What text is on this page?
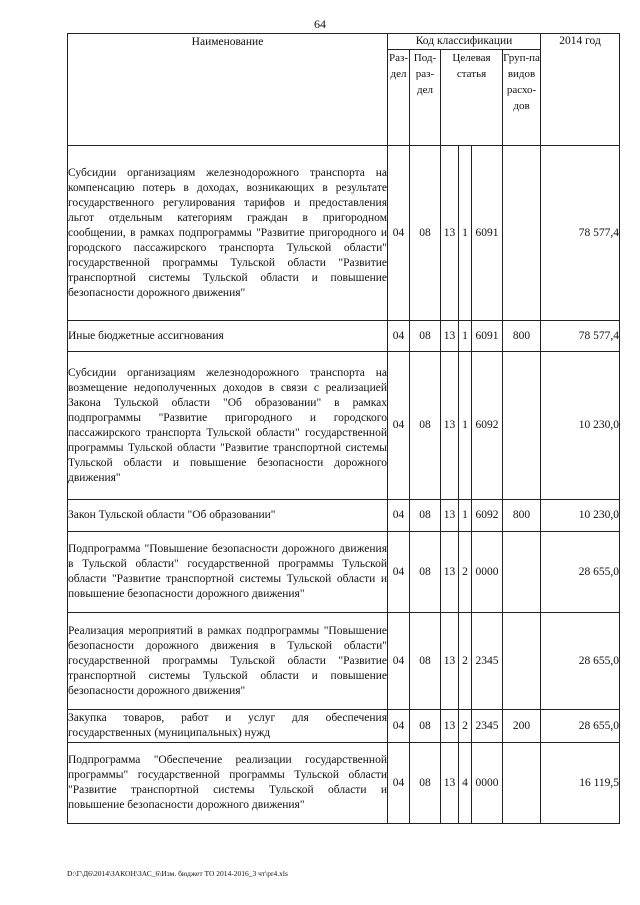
64
Наименование	Код классификации						2014 год
	Раз-дел	Под-раз-дел	Целевая статья			Груп-па видов расхо-дов	
Субсидии организациям железнодорожного транспорта на компенсацию потерь в доходах, возникающих в результате государственного регулирования тарифов и предоставления льгот отдельным категориям граждан в пригородном сообщении, в рамках подпрограммы "Развитие пригородного и городского пассажирского транспорта Тульской области" государственной программы Тульской области "Развитие транспортной системы Тульской области и повышение безопасности дорожного движения"	04	08	13	1	6091		78 577,4
Иные бюджетные ассигнования	04	08	13	1	6091	800	78 577,4
Субсидии организациям железнодорожного транспорта на возмещение недополученных доходов в связи с реализацией Закона Тульской области "Об образовании" в рамках подпрограммы "Развитие пригородного и городского пассажирского транспорта Тульской области" государственной программы Тульской области "Развитие транспортной системы Тульской области и повышение безопасности дорожного движения"	04	08	13	1	6092		10 230,0
Закон Тульской области "Об образовании"	04	08	13	1	6092	800	10 230,0
Подпрограмма "Повышение безопасности дорожного движения в Тульской области" государственной программы Тульской области "Развитие транспортной системы Тульской области и повышение безопасности дорожного движения"	04	08	13	2	0000		28 655,0
Реализация мероприятий в рамках подпрограммы "Повышение безопасности дорожного движения в Тульской области" государственной программы Тульской области "Развитие транспортной системы Тульской области и повышение безопасности дорожного движения"	04	08	13	2	2345		28 655,0
Закупка товаров, работ и услуг для обеспечения государственных (муниципальных) нужд	04	08	13	2	2345	200	28 655,0
Подпрограмма "Обеспечение реализации государственной программы" государственной программы Тульской области "Развитие транспортной системы Тульской области и повышение безопасности дорожного движения"	04	08	13	4	0000		16 119,5
D:\Г\Д6\2014\ЗАКОН\ЗАС_6\Изм. бюджет ТО 2014-2016_3 чт\pr4.xls
